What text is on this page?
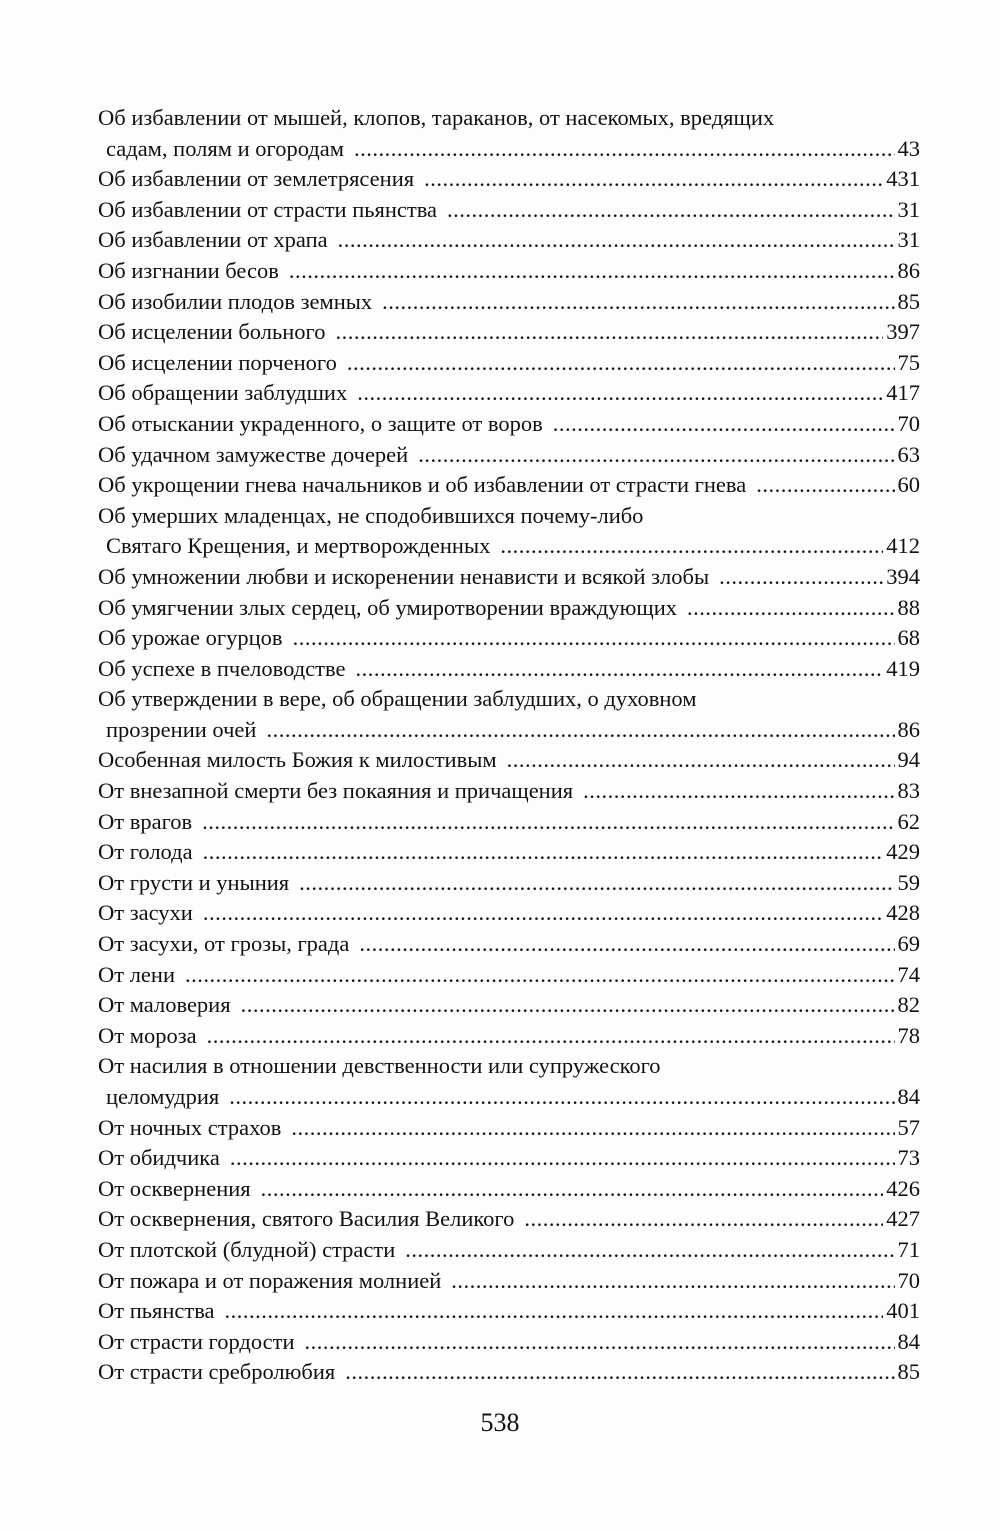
Об избавлении от мышей, клопов, тараканов, от насекомых, вредящих
садам, полям и огородам .....	43
Об избавлении от землетрясения .....	431
Об избавлении от страсти пьянства .....	31
Об избавлении от храпа .....	31
Об изгнании бесов .....	86
Об изобилии плодов земных .....	85
Об исцелении больного .....	397
Об исцелении порченого .....	75
Об обращении заблудших .....	417
Об отыскании украденного, о защите от воров .....	70
Об удачном замужестве дочерей .....	63
Об укрощении гнева начальников и об избавлении от страсти гнева .....	60
Об умерших младенцах, не сподобившихся почему-либо
Святаго Крещения, и мертворожденных .....	412
Об умножении любви и искоренении ненависти и всякой злобы .....	394
Об умягчении злых сердец, об умиротворении враждующих .....	88
Об урожае огурцов .....	68
Об успехе в пчеловодстве .....	419
Об утверждении в вере, об обращении заблудших, о духовном
прозрении очей .....	86
Особенная милость Божия к милостивым .....	94
От внезапной смерти без покаяния и причащения .....	83
От врагов .....	62
От голода .....	429
От грусти и уныния .....	59
От засухи .....	428
От засухи, от грозы, града .....	69
От лени .....	74
От маловерия .....	82
От мороза .....	78
От насилия в отношении девственности или супружеского
целомудрия .....	84
От ночных страхов .....	57
От обидчика .....	73
От осквернения .....	426
От осквернения, святого Василия Великого .....	427
От плотской (блудной) страсти .....	71
От пожара и от поражения молнией .....	70
От пьянства .....	401
От страсти гордости .....	84
От страсти сребролюбия .....	85
538
